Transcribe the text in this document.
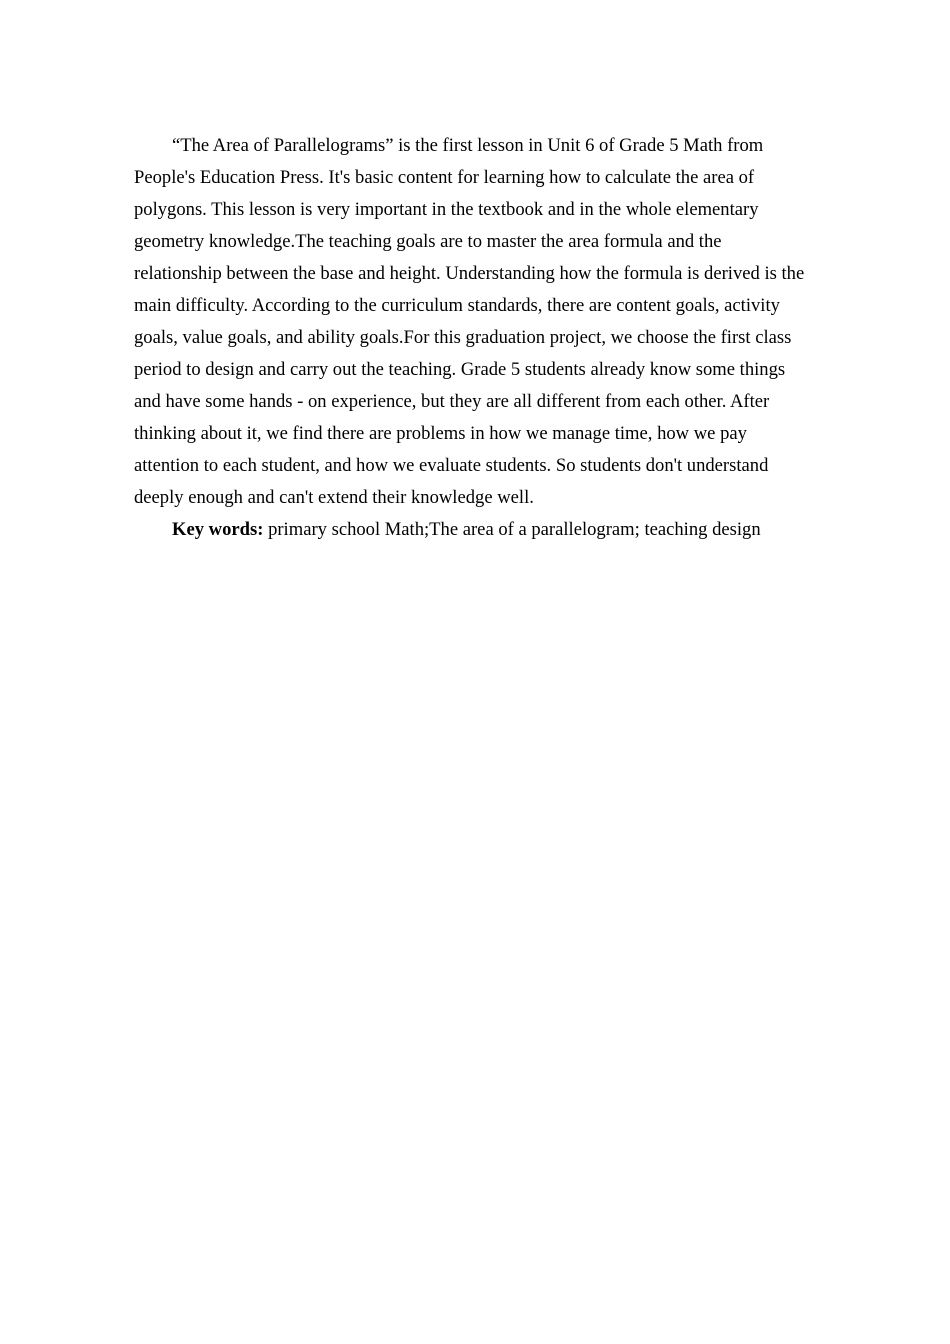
“The Area of Parallelograms” is the first lesson in Unit 6 of Grade 5 Math from People's Education Press. It's basic content for learning how to calculate the area of polygons. This lesson is very important in the textbook and in the whole elementary geometry knowledge.The teaching goals are to master the area formula and the relationship between the base and height. Understanding how the formula is derived is the main difficulty. According to the curriculum standards, there are content goals, activity goals, value goals, and ability goals.For this graduation project, we choose the first class period to design and carry out the teaching. Grade 5 students already know some things and have some hands - on experience, but they are all different from each other. After thinking about it, we find there are problems in how we manage time, how we pay attention to each student, and how we evaluate students. So students don't understand deeply enough and can't extend their knowledge well.

Key words: primary school Math;The area of a parallelogram; teaching design
